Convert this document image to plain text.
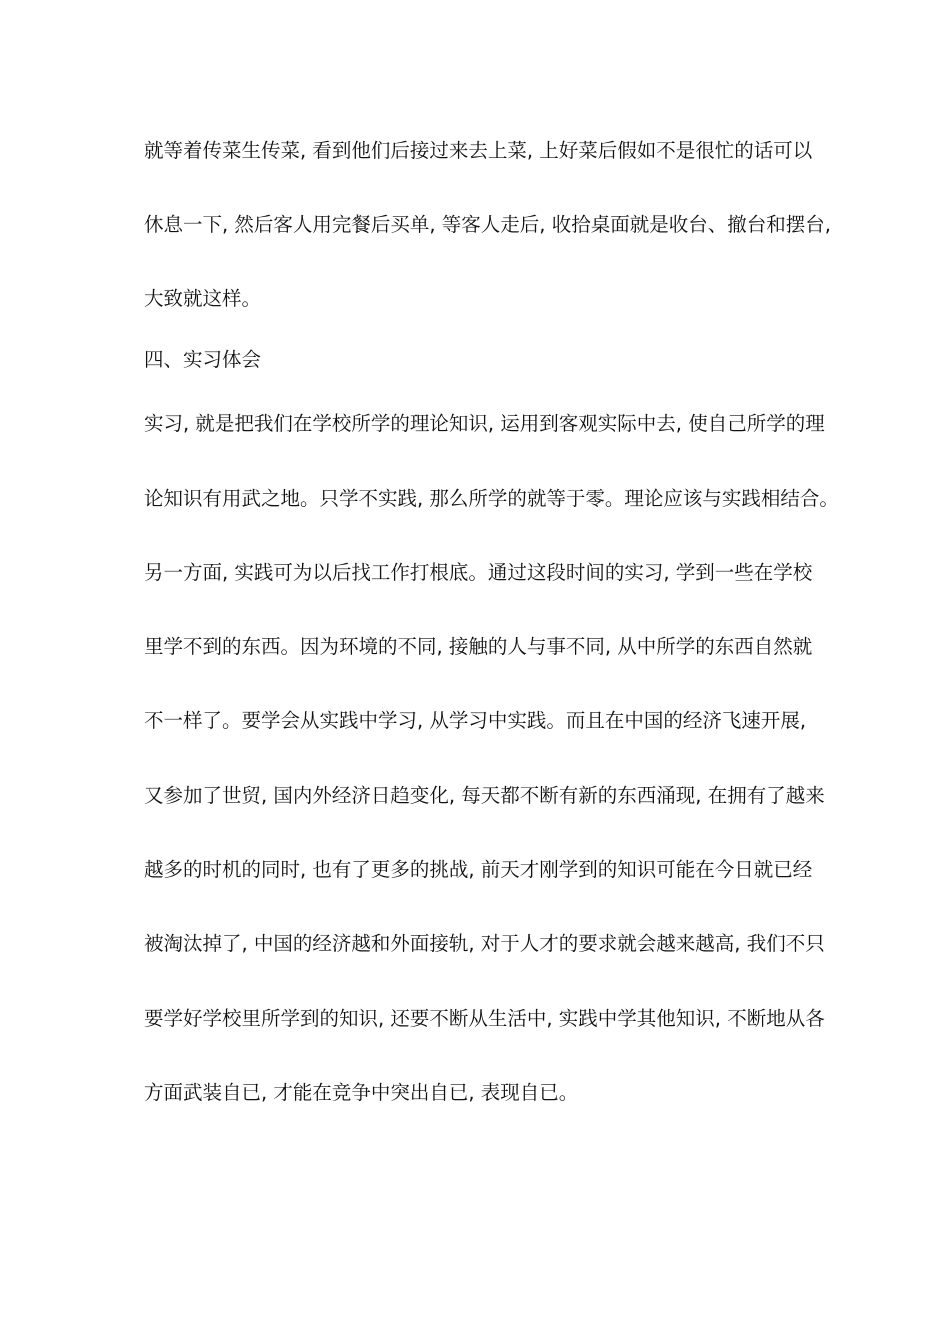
就等着传菜生传菜, 看到他们后接过来去上菜, 上好菜后假如不是很忙的话可以
休息一下, 然后客人用完餐后买单, 等客人走后, 收拾桌面就是收台、撤台和摆台,
大致就这样。
四、实习体会
实习, 就是把我们在学校所学的理论知识, 运用到客观实际中去, 使自己所学的理
论知识有用武之地。只学不实践, 那么所学的就等于零。理论应该与实践相结合。
另一方面, 实践可为以后找工作打根底。通过这段时间的实习, 学到一些在学校
里学不到的东西。因为环境的不同, 接触的人与事不同, 从中所学的东西自然就
不一样了。要学会从实践中学习, 从学习中实践。而且在中国的经济飞速开展,
又参加了世贸, 国内外经济日趋变化, 每天都不断有新的东西涌现, 在拥有了越来
越多的时机的同时, 也有了更多的挑战, 前天才刚学到的知识可能在今日就已经
被淘汰掉了, 中国的经济越和外面接轨, 对于人才的要求就会越来越高, 我们不只
要学好学校里所学到的知识, 还要不断从生活中, 实践中学其他知识, 不断地从各
方面武装自已, 才能在竞争中突出自已, 表现自已。
